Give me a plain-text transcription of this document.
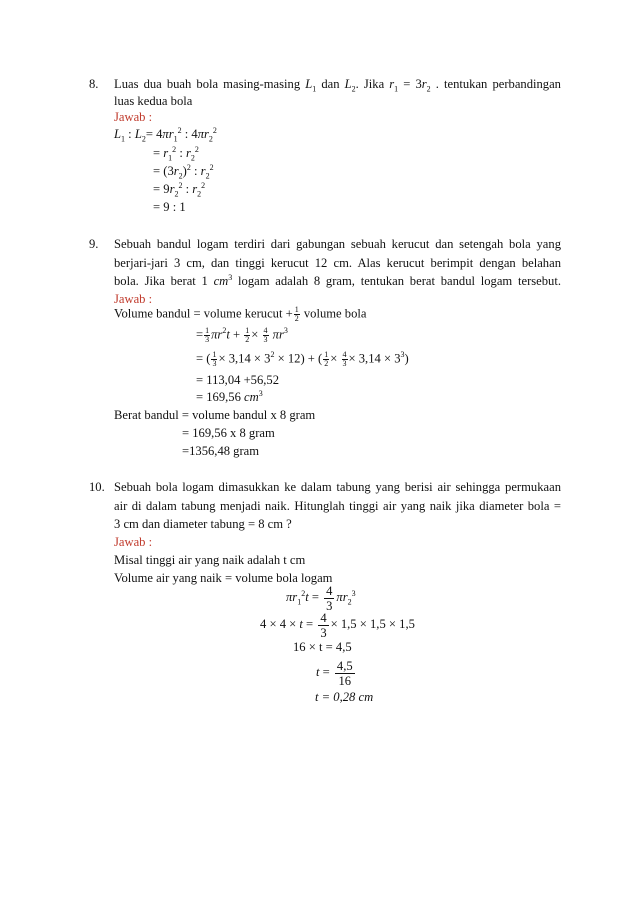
8. Luas dua buah bola masing-masing $L_1$ dan $L_2$. Jika $r_1 = 3r_2$ . tentukan perbandingan
luas kedua bola
Jawab :
$L_1$ : $L_2= 4\pi r_1^2$ : $4\pi r_2^2$
= $r_1^2$ : $r_2^2$
= $(3r_2)^2$ : $r_2^2$
= $9r_2^2$ : $r_2^2$
= 9 : 1
9. Sebuah bandul logam terdiri dari gabungan sebuah kerucut dan setengah bola yang
berjari-jari 3 cm, dan tinggi kerucut 12 cm. Alas kerucut berimpit dengan belahan
bola. Jika berat 1 $cm^3$ logam adalah 8 gram, tentukan berat bandul logam tersebut.
Jawab :
Volume bandul = volume kerucut + $\frac{1}{2}$ volume bola
= $\frac{1}{3} \pi r^2t + \frac{1}{2} \times \frac{4}{3} \pi r^3$
= ( $\frac{1}{3} \times 3,14 \times 3^2 \times 12$) + ( $\frac{1}{2} \times \frac{4}{3} \times 3,14 \times 3^3$)
= 113,04 +56,52
= 169,56 $cm^3$
Berat bandul = volume bandul x 8 gram
= 169,56 x 8 gram
=1356,48 gram
10. Sebuah bola logam dimasukkan ke dalam tabung yang berisi air sehingga permukaan
air di dalam tabung menjadi naik. Hitunglah tinggi air yang naik jika diameter bola =
3 cm dan diameter tabung = 8 cm ?
Jawab :
Misal tinggi air yang naik adalah t cm
Volume air yang naik = volume bola logam
$\pi r_1^2t = \frac{4}{3} \pi r_2^3$
$4 \times 4 \times t = \frac{4}{3} \times 1,5 \times 1,5 \times 1,5$
16 × t = 4,5
$t = \frac{4,5}{16}$
t = 0,28 cm
